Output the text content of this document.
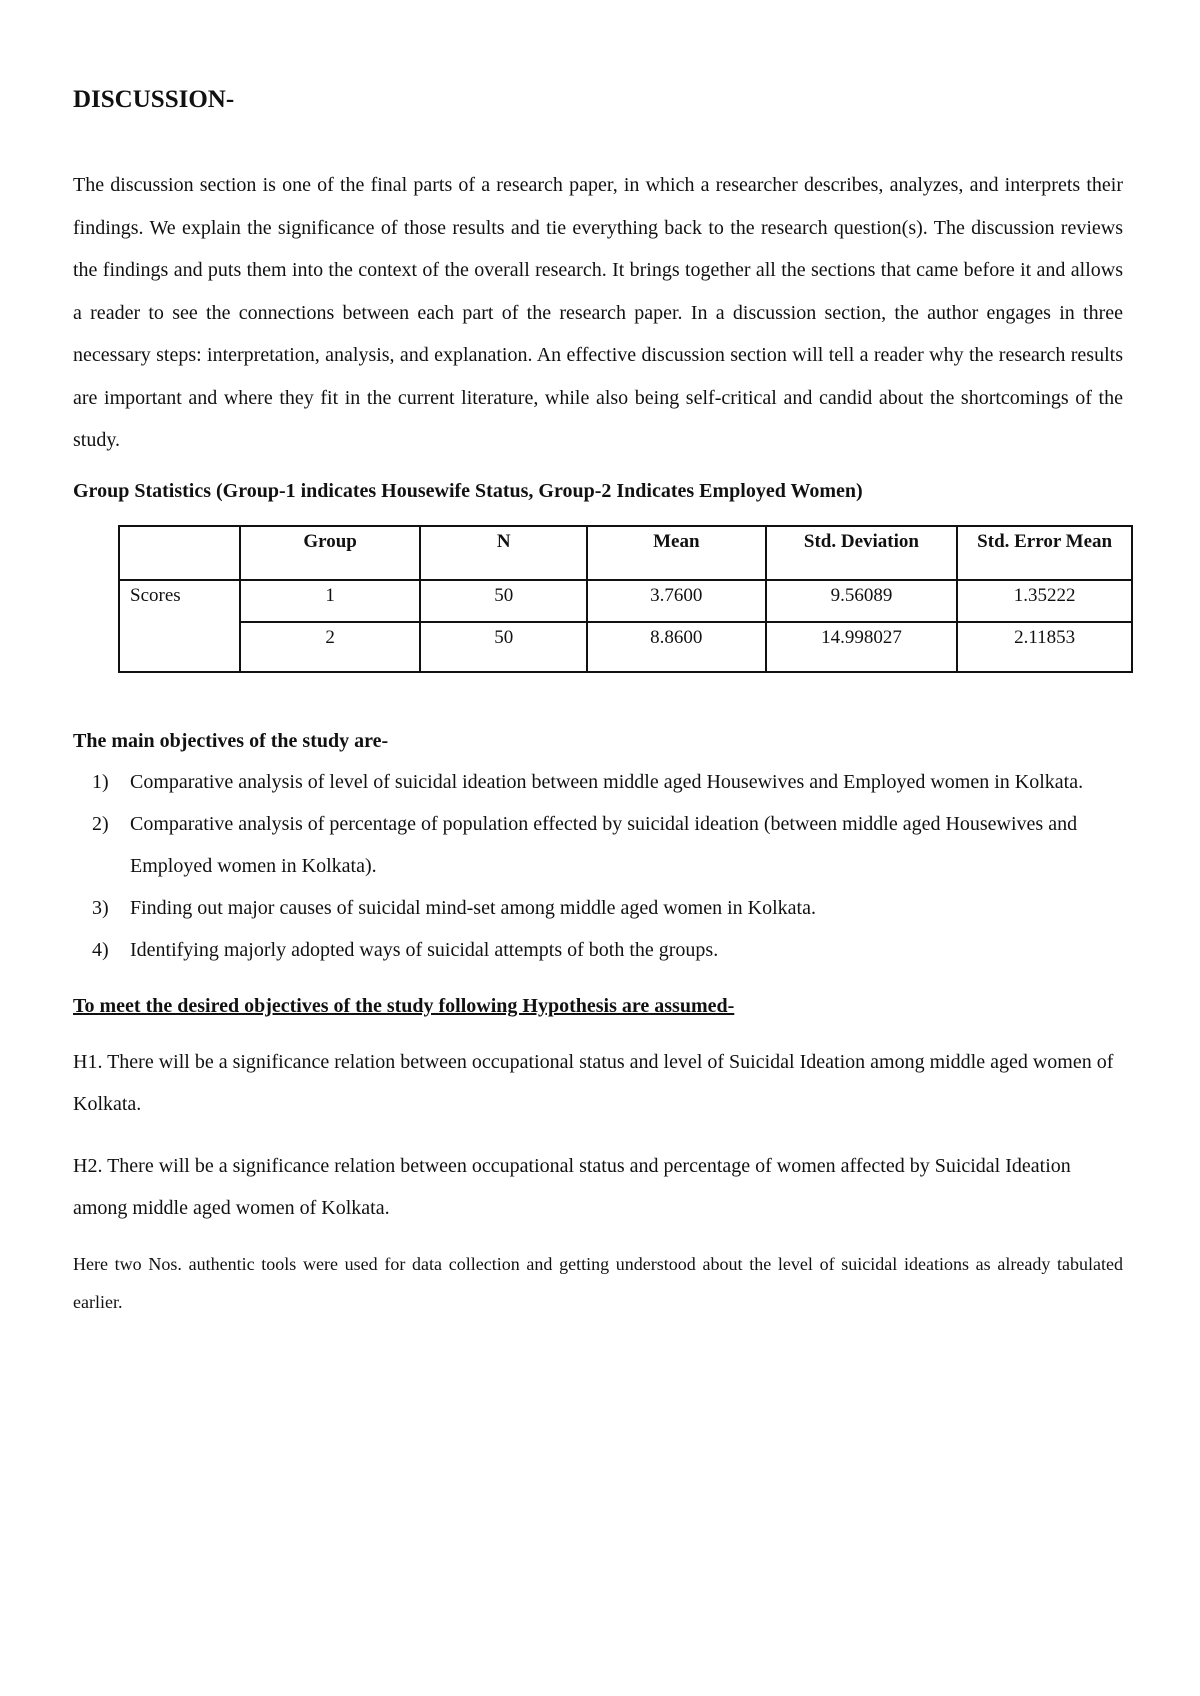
DISCUSSION-

The discussion section is one of the final parts of a research paper, in which a researcher describes, analyzes, and interprets their findings. We explain the significance of those results and tie everything back to the research question(s). The discussion reviews the findings and puts them into the context of the overall research. It brings together all the sections that came before it and allows a reader to see the connections between each part of the research paper. In a discussion section, the author engages in three necessary steps: interpretation, analysis, and explanation. An effective discussion section will tell a reader why the research results are important and where they fit in the current literature, while also being self-critical and candid about the shortcomings of the study.

Group Statistics (Group-1 indicates Housewife Status, Group-2 Indicates Employed Women)

	Group	N	Mean	Std. Deviation	Std. Error Mean
Scores	1	50	3.7600	9.56089	1.35222
	2	50	8.8600	14.998027	2.11853

The main objectives of the study are-

1) Comparative analysis of level of suicidal ideation between middle aged Housewives and Employed women in Kolkata.
2) Comparative analysis of percentage of population effected by suicidal ideation (between middle aged Housewives and Employed women in Kolkata).
3) Finding out major causes of suicidal mind-set among middle aged women in Kolkata.
4) Identifying majorly adopted ways of suicidal attempts of both the groups.

To meet the desired objectives of the study following Hypothesis are assumed-

H1. There will be a significance relation between occupational status and level of Suicidal Ideation among middle aged women of Kolkata.

H2. There will be a significance relation between occupational status and percentage of women affected by Suicidal Ideation among middle aged women of Kolkata.

Here two Nos. authentic tools were used for data collection and getting understood about the level of suicidal ideations as already tabulated earlier.
